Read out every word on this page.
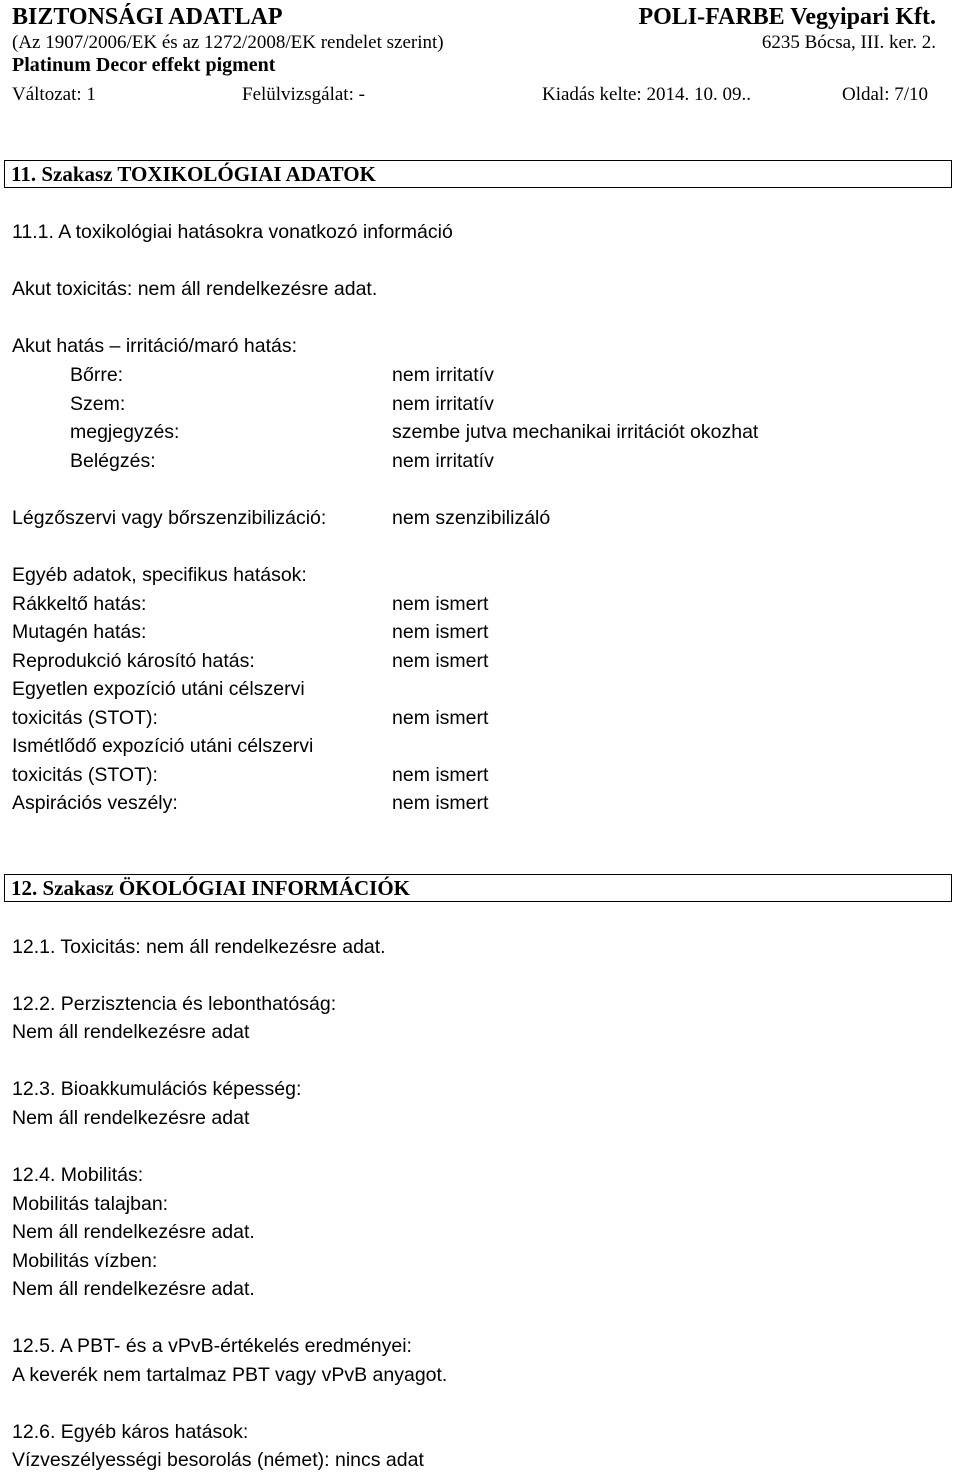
BIZTONSÁGI ADATLAP	POLI-FARBE Vegyipari Kft.
(Az 1907/2006/EK és az 1272/2008/EK rendelet szerint)	6235 Bócsa, III. ker. 2.
Platinum Decor effekt pigment
Változat: 1	Felülvizsgálat: -	Kiadás kelte: 2014. 10. 09..	Oldal: 7/10
11. Szakasz TOXIKOLÓGIAI ADATOK
11.1. A toxikológiai hatásokra vonatkozó információ
Akut toxicitás: nem áll rendelkezésre adat.
Akut hatás – irritáció/maró hatás:
Bőrre:	nem irritatív
Szem:	nem irritatív
megjegyzés:	szembe jutva mechanikai irritációt okozhat
Belégzés:	nem irritatív
Légzőszervi vagy bőrszenzibilizáció:	nem szenzibilizáló
Egyéb adatok, specifikus hatások:
Rákkeltő hatás:	nem ismert
Mutagén hatás:	nem ismert
Reprodukció károsító hatás:	nem ismert
Egyetlen expozíció utáni célszervi
toxicitás (STOT):	nem ismert
Ismétlődő expozíció utáni célszervi
toxicitás (STOT):	nem ismert
Aspirációs veszély:	nem ismert
12. Szakasz ÖKOLÓGIAI INFORMÁCIÓK
12.1. Toxicitás: nem áll rendelkezésre adat.
12.2. Perzisztencia és lebonthatóság:
Nem áll rendelkezésre adat
12.3. Bioakkumulációs képesség:
Nem áll rendelkezésre adat
12.4. Mobilitás:
Mobilitás talajban:
Nem áll rendelkezésre adat.
Mobilitás vízben:
Nem áll rendelkezésre adat.
12.5. A PBT- és a vPvB-értékelés eredményei:
A keverék nem tartalmaz PBT vagy vPvB anyagot.
12.6. Egyéb káros hatások:
Vízveszélyességi besorolás (német): nincs adat
